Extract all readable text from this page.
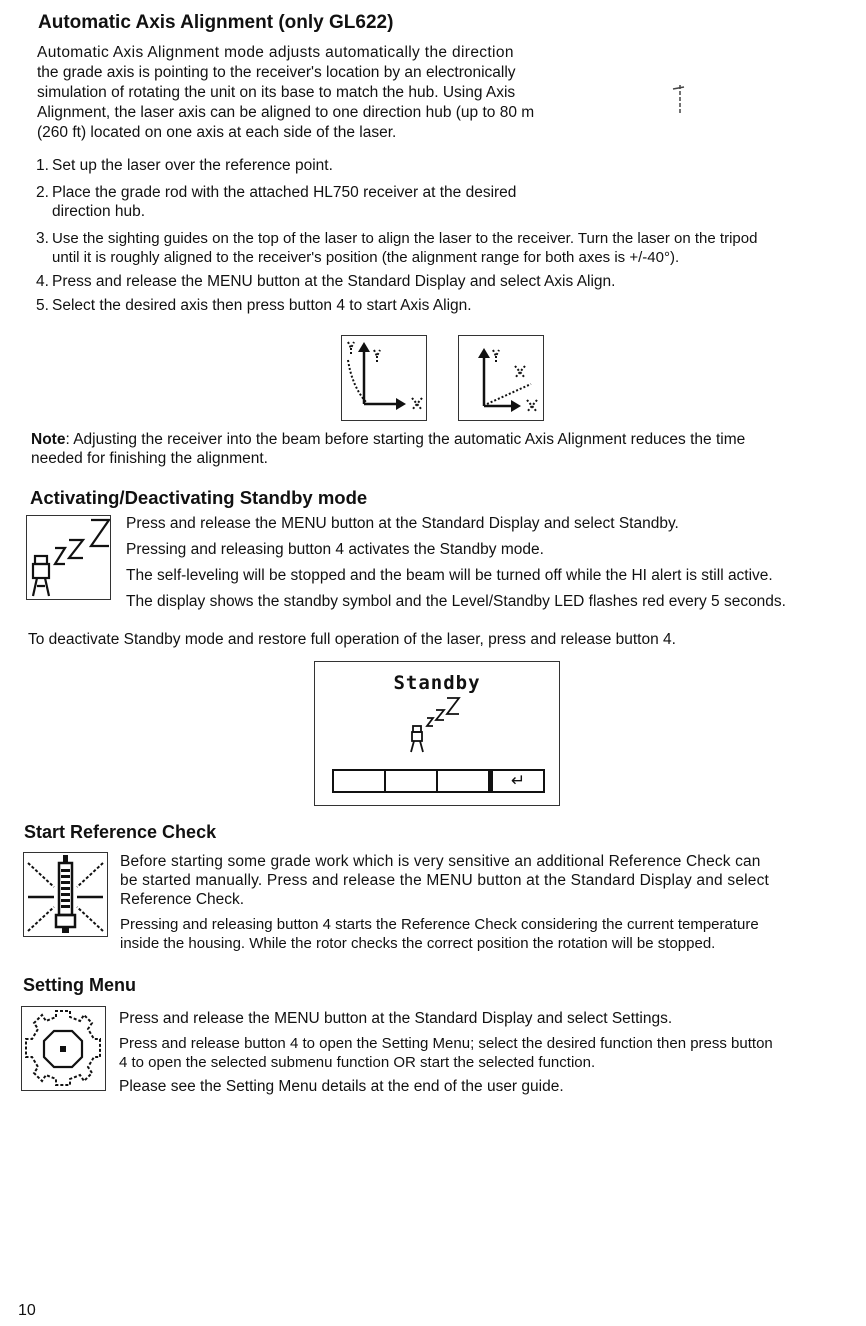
Automatic Axis Alignment (only GL622)

Automatic Axis Alignment mode adjusts automatically the direction

the grade axis is pointing to the receiver's location by an electronically

simulation of rotating the unit on its base to match the hub. Using Axis

Alignment, the laser axis can be aligned to one direction hub (up to 80 m

(260 ft) located on one axis at each side of the laser.

1. Set up the laser over the reference point.
2. Place the grade rod with the attached HL750 receiver at the desired

direction hub.

3. Use the sighting guides on the top of the laser to align the laser to the receiver. Turn the laser on the tripod

until it is roughly aligned to the receiver's position (the alignment range for both axes is +/-40°).

4. Press and release the MENU button at the Standard Display and select Axis Align.
5. Select the desired axis then press button 4 to start Axis Align.

Note: Adjusting the receiver into the beam before starting the automatic Axis Alignment reduces the time

needed for finishing the alignment.

Activating/Deactivating Standby mode

Press and release the MENU button at the Standard Display and select Standby.

Pressing and releasing button 4 activates the Standby mode.

The self-leveling will be stopped and the beam will be turned off while the HI alert is still active.

The display shows the standby symbol and the Level/Standby LED flashes red every 5 seconds.

To deactivate Standby mode and restore full operation of the laser, press and release button 4.

Standby
↵
Start Reference Check

Before starting some grade work which is very sensitive an additional Reference Check can

be started manually. Press and release the MENU button at the Standard Display and select

Reference Check.

Pressing and releasing button 4 starts the Reference Check considering the current temperature

inside the housing. While the rotor checks the correct position the rotation will be stopped.

Setting Menu

Press and release the MENU button at the Standard Display and select Settings.

Press and release button 4 to open the Setting Menu; select the desired function then press button

4 to open the selected submenu function OR start the selected function.

Please see the Setting Menu details at the end of the user guide.

10
